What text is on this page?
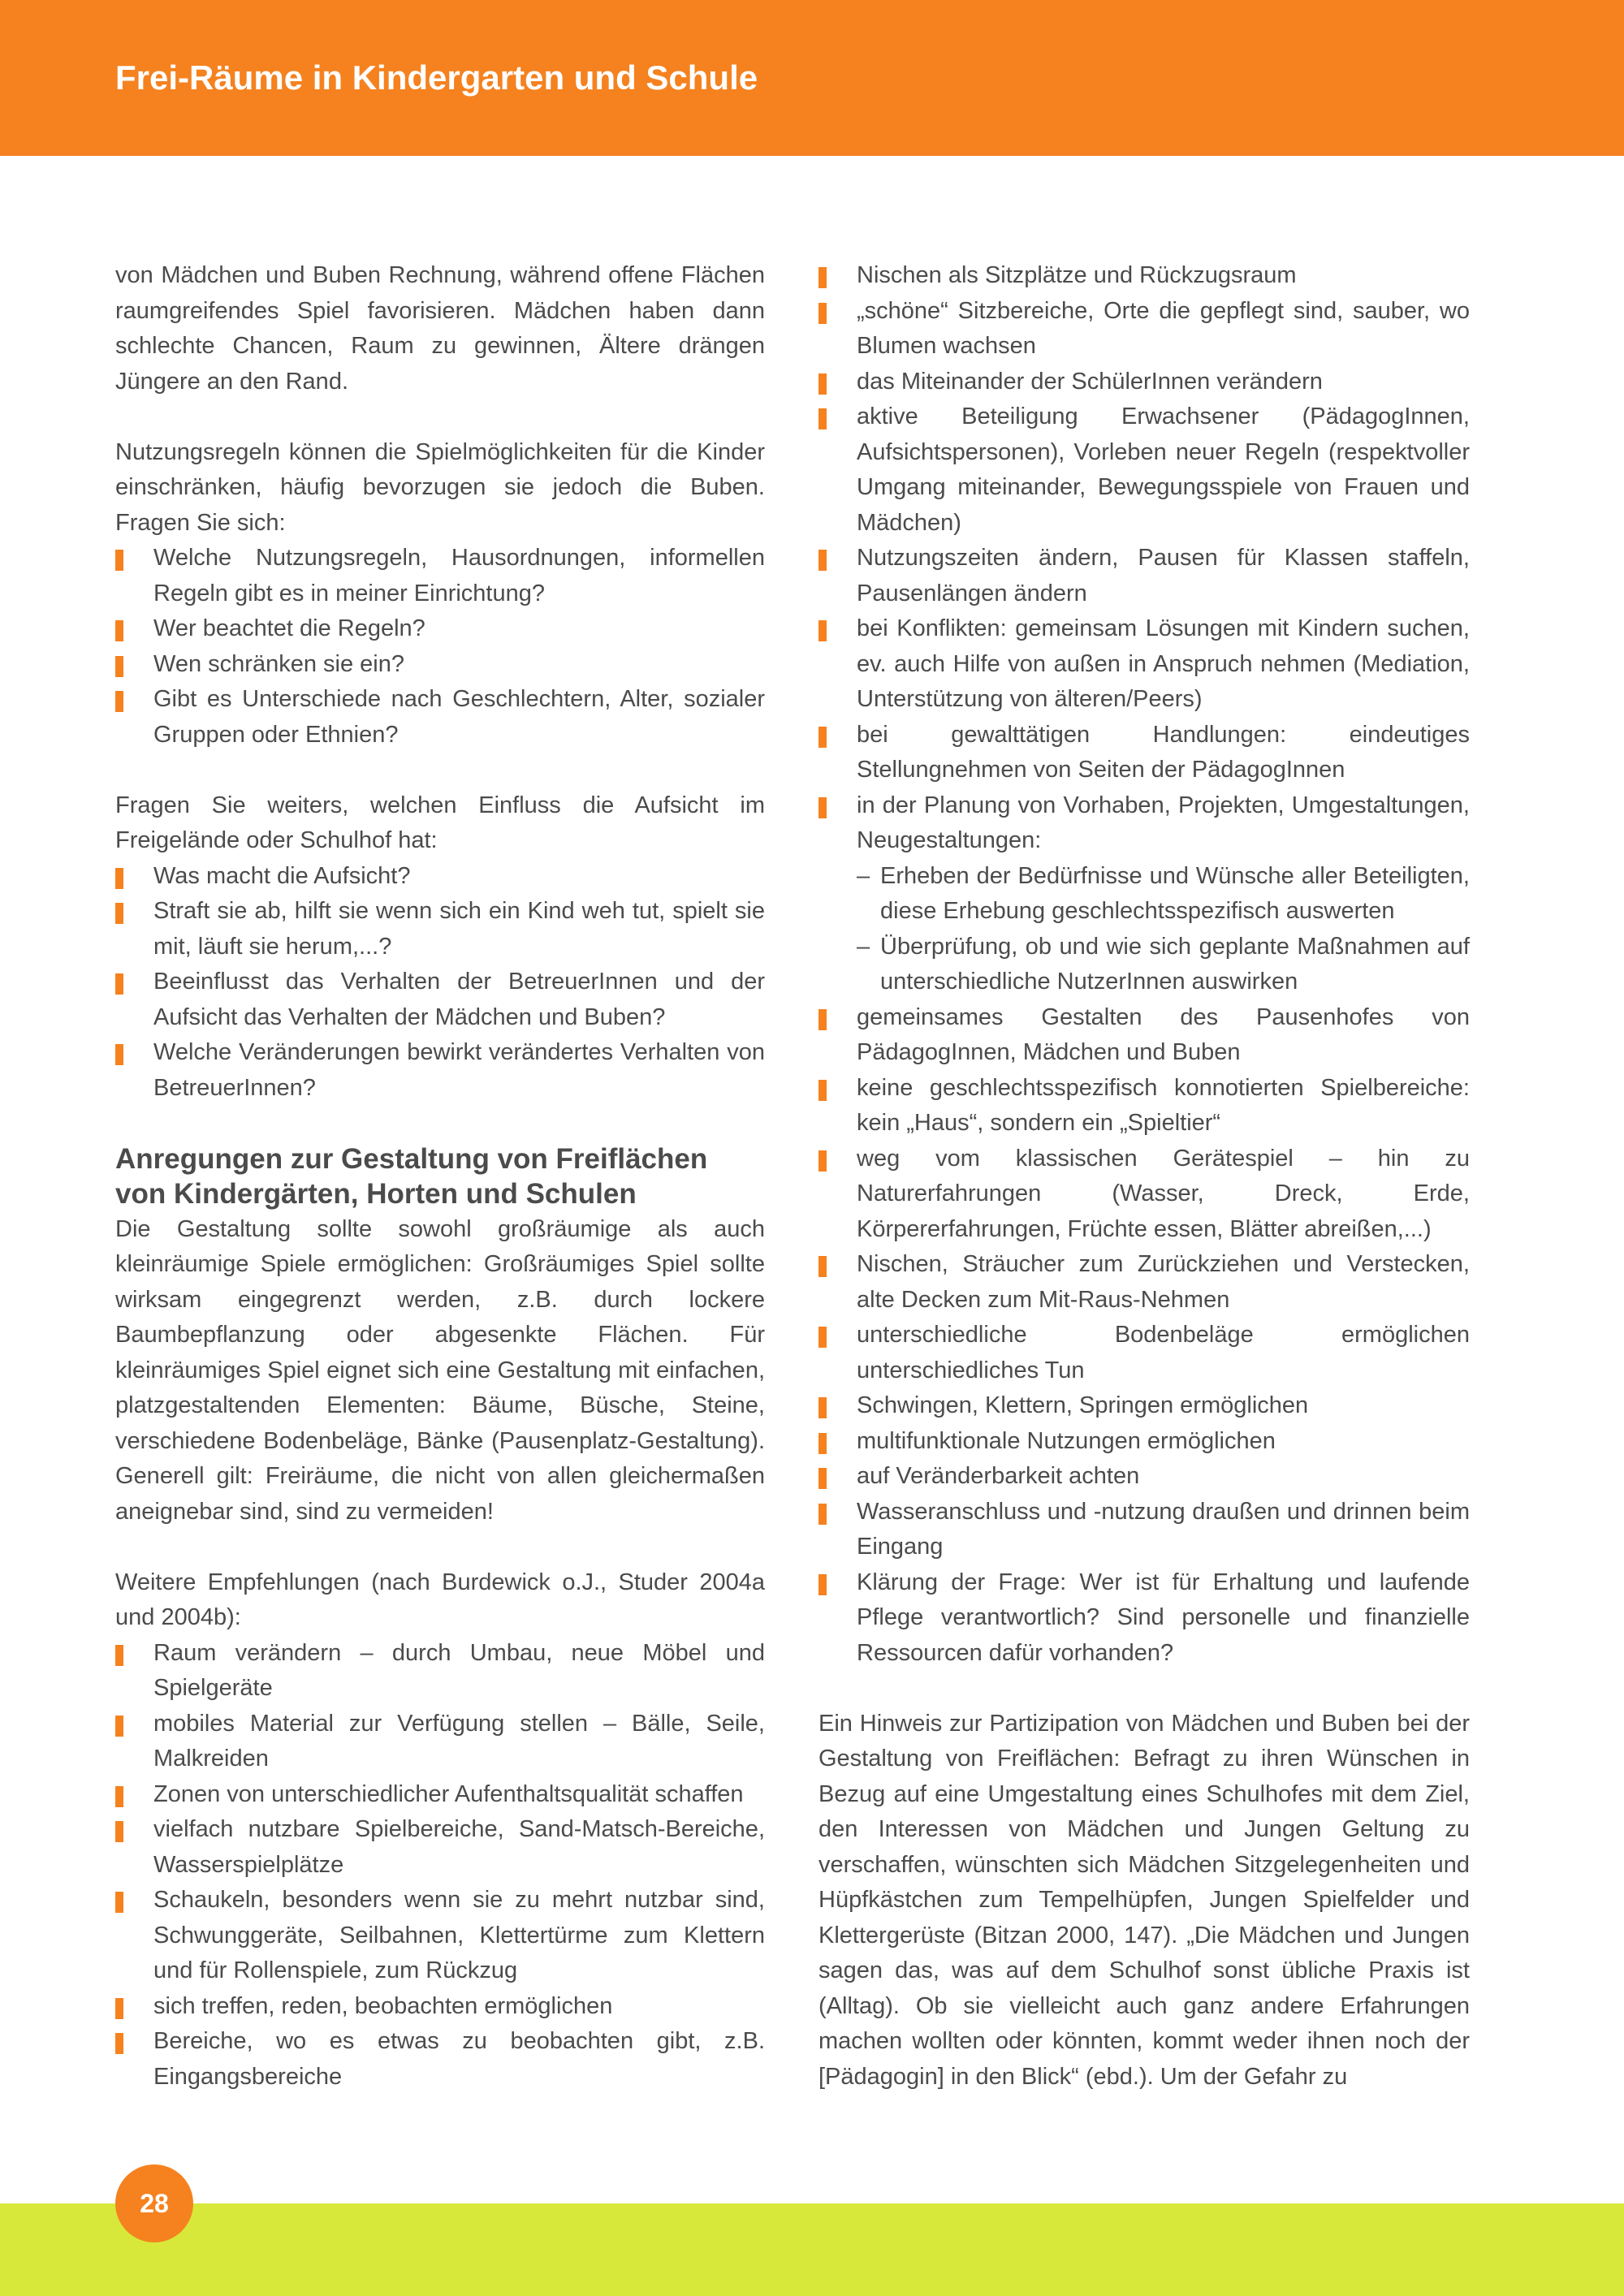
Frei-Räume in Kindergarten und Schule

von Mädchen und Buben Rechnung, während offene Flächen raumgreifendes Spiel favorisieren. Mädchen haben dann schlechte Chancen, Raum zu gewinnen, Ältere drängen Jüngere an den Rand.

Nutzungsregeln können die Spielmöglichkeiten für die Kinder einschränken, häufig bevorzugen sie jedoch die Buben. Fragen Sie sich:

Welche Nutzungsregeln, Hausordnungen, informellen Regeln gibt es in meiner Einrichtung?
Wer beachtet die Regeln?
Wen schränken sie ein?
Gibt es Unterschiede nach Geschlechtern, Alter, sozialer Gruppen oder Ethnien?

Fragen Sie weiters, welchen Einfluss die Aufsicht im Freigelände oder Schulhof hat:

Was macht die Aufsicht?
Straft sie ab, hilft sie wenn sich ein Kind weh tut, spielt sie mit, läuft sie herum,...?
Beeinflusst das Verhalten der BetreuerInnen und der Aufsicht das Verhalten der Mädchen und Buben?
Welche Veränderungen bewirkt verändertes Verhalten von BetreuerInnen?
Anregungen zur Gestaltung von Freiflächen von Kindergärten, Horten und Schulen

Die Gestaltung sollte sowohl großräumige als auch kleinräumige Spiele ermöglichen: Großräumiges Spiel sollte wirksam eingegrenzt werden, z.B. durch lockere Baumbepflanzung oder abgesenkte Flächen. Für kleinräumiges Spiel eignet sich eine Gestaltung mit einfachen, platzgestaltenden Elementen: Bäume, Büsche, Steine, verschiedene Bodenbeläge, Bänke (Pausenplatz-Gestaltung). Generell gilt: Freiräume, die nicht von allen gleichermaßen aneignebar sind, sind zu vermeiden!

Weitere Empfehlungen (nach Burdewick o.J., Studer 2004a und 2004b):

Raum verändern – durch Umbau, neue Möbel und Spielgeräte
mobiles Material zur Verfügung stellen – Bälle, Seile, Malkreiden
Zonen von unterschiedlicher Aufenthaltsqualität schaffen
vielfach nutzbare Spielbereiche, Sand-Matsch-Bereiche, Wasserspielplätze
Schaukeln, besonders wenn sie zu mehrt nutzbar sind, Schwunggeräte, Seilbahnen, Klettertürme zum Klettern und für Rollenspiele, zum Rückzug
sich treffen, reden, beobachten ermöglichen
Bereiche, wo es etwas zu beobachten gibt, z.B. Eingangsbereiche
Nischen als Sitzplätze und Rückzugsraum
„schöne“ Sitzbereiche, Orte die gepflegt sind, sauber, wo Blumen wachsen
das Miteinander der SchülerInnen verändern
aktive Beteiligung Erwachsener (PädagogInnen, Aufsichtspersonen), Vorleben neuer Regeln (respektvoller Umgang miteinander, Bewegungsspiele von Frauen und Mädchen)
Nutzungszeiten ändern, Pausen für Klassen staffeln, Pausenlängen ändern
bei Konflikten: gemeinsam Lösungen mit Kindern suchen, ev. auch Hilfe von außen in Anspruch nehmen (Mediation, Unterstützung von älteren/Peers)
bei gewalttätigen Handlungen: eindeutiges Stellungnehmen von Seiten der PädagogInnen
in der Planung von Vorhaben, Projekten, Umgestaltungen, Neugestaltungen:
– Erheben der Bedürfnisse und Wünsche aller Beteiligten, diese Erhebung geschlechtsspezifisch auswerten
– Überprüfung, ob und wie sich geplante Maßnahmen auf unterschiedliche NutzerInnen auswirken
gemeinsames Gestalten des Pausenhofes von PädagogInnen, Mädchen und Buben
keine geschlechtsspezifisch konnotierten Spielbereiche: kein „Haus“, sondern ein „Spieltier“
weg vom klassischen Gerätespiel – hin zu Naturerfahrungen (Wasser, Dreck, Erde, Körpererfahrungen, Früchte essen, Blätter abreißen,...)
Nischen, Sträucher zum Zurückziehen und Verstecken, alte Decken zum Mit-Raus-Nehmen
unterschiedliche Bodenbeläge ermöglichen unterschiedliches Tun
Schwingen, Klettern, Springen ermöglichen
multifunktionale Nutzungen ermöglichen
auf Veränderbarkeit achten
Wasseranschluss und -nutzung draußen und drinnen beim Eingang
Klärung der Frage: Wer ist für Erhaltung und laufende Pflege verantwortlich? Sind personelle und finanzielle Ressourcen dafür vorhanden?

Ein Hinweis zur Partizipation von Mädchen und Buben bei der Gestaltung von Freiflächen: Befragt zu ihren Wünschen in Bezug auf eine Umgestaltung eines Schulhofes mit dem Ziel, den Interessen von Mädchen und Jungen Geltung zu verschaffen, wünschten sich Mädchen Sitzgelegenheiten und Hüpfkästchen zum Tempelhüpfen, Jungen Spielfelder und Klettergerüste (Bitzan 2000, 147). „Die Mädchen und Jungen sagen das, was auf dem Schulhof sonst übliche Praxis ist (Alltag). Ob sie vielleicht auch ganz andere Erfahrungen machen wollten oder könnten, kommt weder ihnen noch der [Pädagogin] in den Blick“ (ebd.). Um der Gefahr zu

28
